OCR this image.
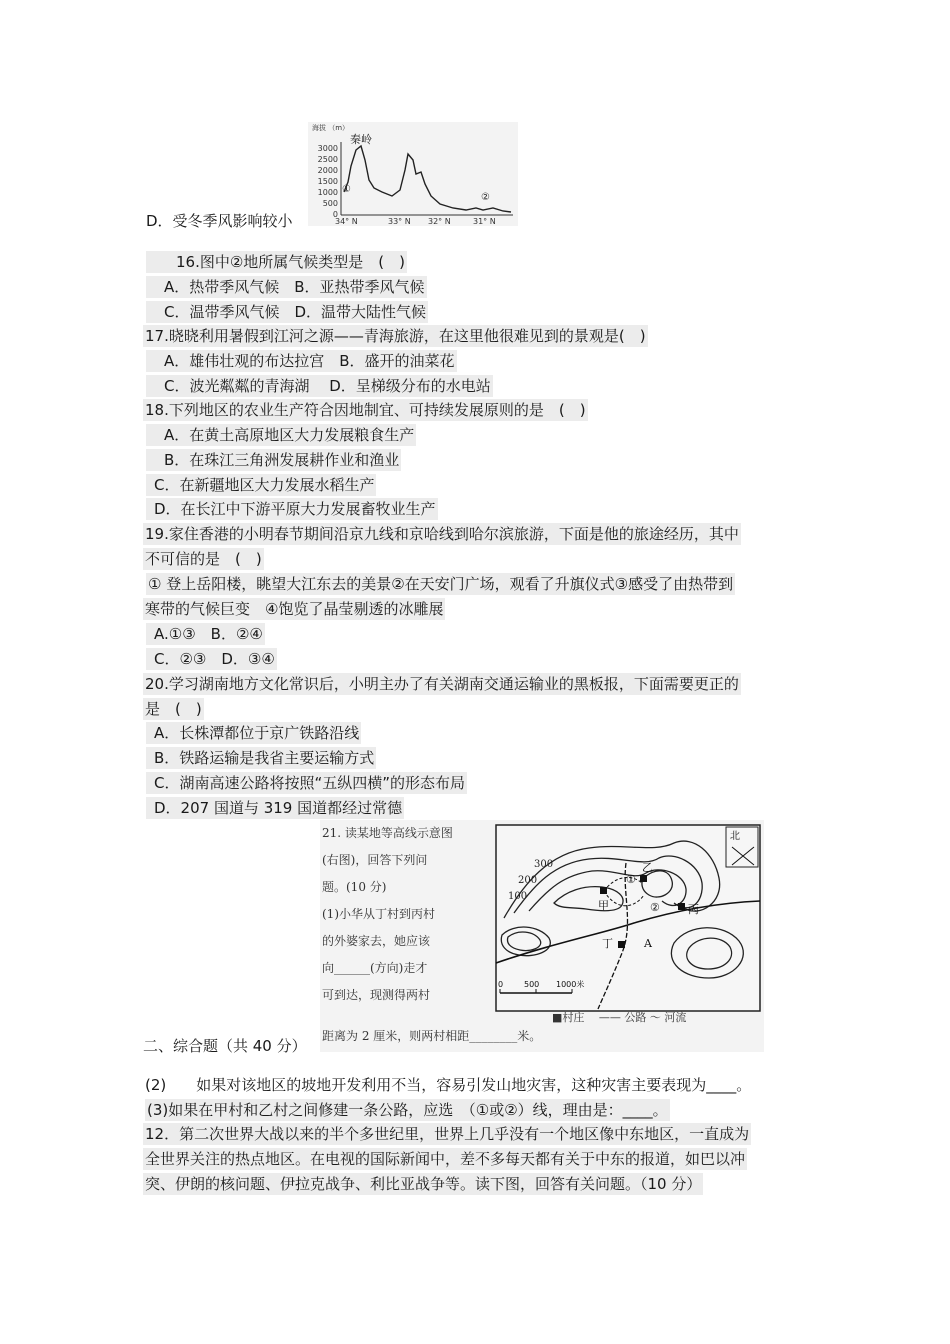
海拔 （m）
秦岭
3000
2500
2000
1500
1000
500
0
①
②
34° N	33° N 32° N	31° N
D．受冬季风影响较小
16.图中②地所属气候类型是　(　)
A．热带季风气候　B．亚热带季风气候
C．温带季风气候　D．温带大陆性气候
17.晓晓利用暑假到江河之源——青海旅游，在这里他很难见到的景观是(　)
A．雄伟壮观的布达拉宫　B．盛开的油菜花
C．波光粼粼的青海湖　 D．呈梯级分布的水电站
18.下列地区的农业生产符合因地制宜、可持续发展原则的是　(　)
A．在黄土高原地区大力发展粮食生产
B．在珠江三角洲发展耕作业和渔业
C．在新疆地区大力发展水稻生产
D．在长江中下游平原大力发展畜牧业生产
19.家住香港的小明春节期间沿京九线和京哈线到哈尔滨旅游，下面是他的旅途经历，其中
不可信的是　(　)
① 登上岳阳楼，眺望大江东去的美景②在天安门广场，观看了升旗仪式③感受了由热带到
寒带的气候巨变　④饱览了晶莹剔透的冰雕展
A.①③　B．②④
C．②③　D．③④
20.学习湖南地方文化常识后，小明主办了有关湖南交通运输业的黑板报，下面需要更正的
是　(　)
A．长株潭都位于京广铁路沿线
B．铁路运输是我省主要运输方式
C．湖南高速公路将按照“五纵四横”的形态布局
D．207 国道与 319 国道都经过常德
21. 读某地等高线示意图
(右图)，回答下列问
题。(10 分)
(1)小华从丁村到丙村
的外婆家去，她应该
向______(方向)走才
可到达，现测得两村
距离为 2 厘米，则两村相距________米。
300
200
100
甲
乙
丙
丁
①
②
A
北
0	500 1000米
■村庄　 —— 公路 ～ 河流
二、综合题（共 40 分）
(2)　　如果对该地区的坡地开发利用不当，容易引发山地灾害，这种灾害主要表现为____。
(3)如果在甲村和乙村之间修建一条公路，应选　（①或②）线，理由是：____。
12．第二次世界大战以来的半个多世纪里，世界上几乎没有一个地区像中东地区，一直成为
全世界关注的热点地区。在电视的国际新闻中，差不多每天都有关于中东的报道，如巴以冲
突、伊朗的核问题、伊拉克战争、利比亚战争等。读下图，回答有关问题。（10 分）
